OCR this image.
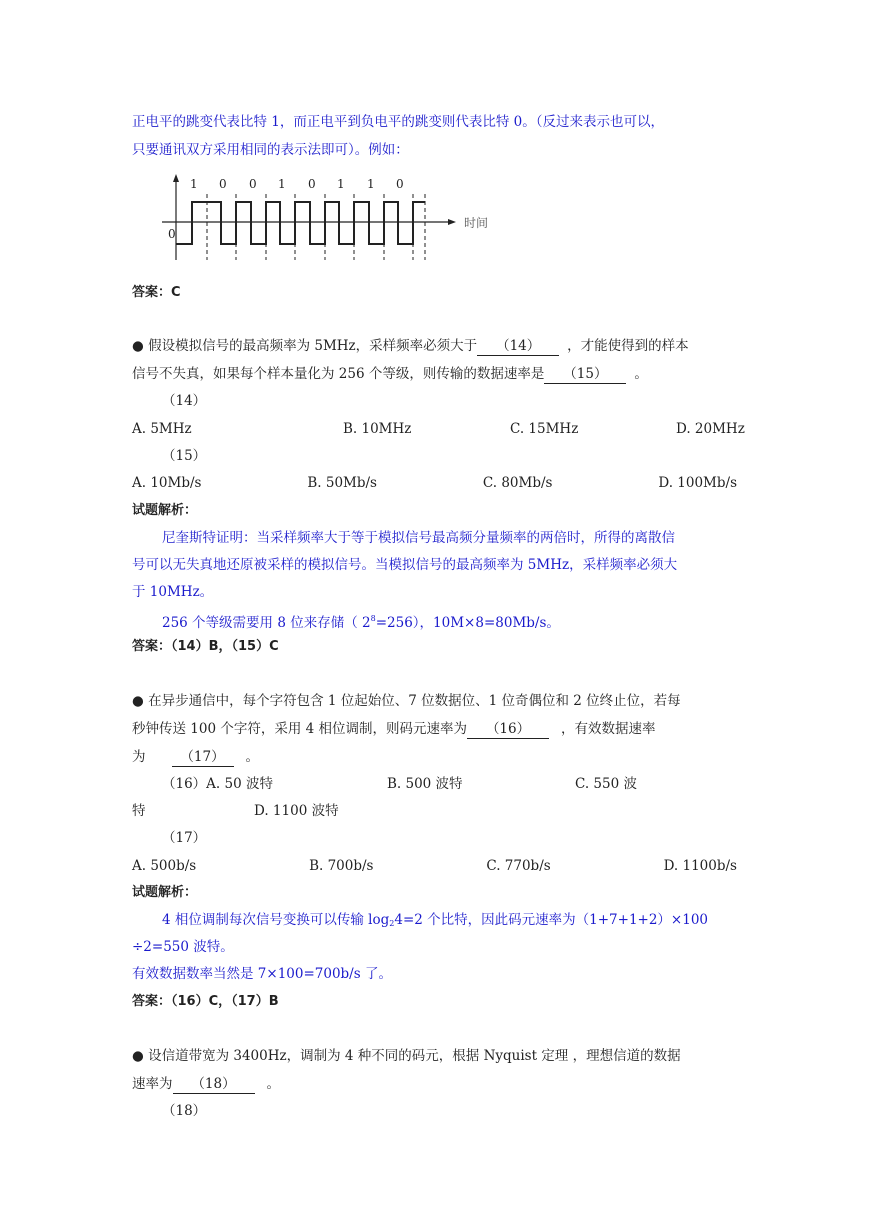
正电平的跳变代表比特 1，而正电平到负电平的跳变则代表比特 0。（反过来表示也可以，
只要通讯双方采用相同的表示法即可）。例如：
0
时间
1 0 0 1 0 1 1 0
答案：C
● 假设模拟信号的最高频率为 5MHz，采样频率必须大于 （14） ，才能使得到的样本
信号不失真，如果每个样本量化为 256 个等级，则传输的数据速率是 （15） 。
（14）
A. 5MHz	B. 10MHz	C. 15MHz	D. 20MHz
（15）
A. 10Mb/s	B. 50Mb/s	C. 80Mb/s	D. 100Mb/s
试题解析：
尼奎斯特证明：当采样频率大于等于模拟信号最高频分量频率的两倍时，所得的离散信
号可以无失真地还原被采样的模拟信号。当模拟信号的最高频率为 5MHz，采样频率必须大
于 10MHz。
256 个等级需要用 8 位来存储（ $2^8=256$），10M×8=80Mb/s。
答案：（14）B，（15）C
● 在异步通信中，每个字符包含 1 位起始位、7 位数据位、1 位奇偶位和 2 位终止位，若每
秒钟传送 100 个字符，采用 4 相位调制，则码元速率为 （16） ，有效数据速率
为	（17） 。
（16）A. 50 波特	B. 500 波特	C. 550 波
特	D. 1100 波特
（17）
A. 500b/s	B. 700b/s	C. 770b/s	D. 1100b/s
试题解析：
4 相位调制每次信号变换可以传输 $\log_24=2$ 个比特，因此码元速率为（1+7+1+2）×100
÷2=550 波特。
有效数据数率当然是 7×100=700b/s 了。
答案：（16）C，（17）B
● 设信道带宽为 3400Hz，调制为 4 种不同的码元，根据 Nyquist 定理 ，理想信道的数据
速率为 （18） 。
（18）
